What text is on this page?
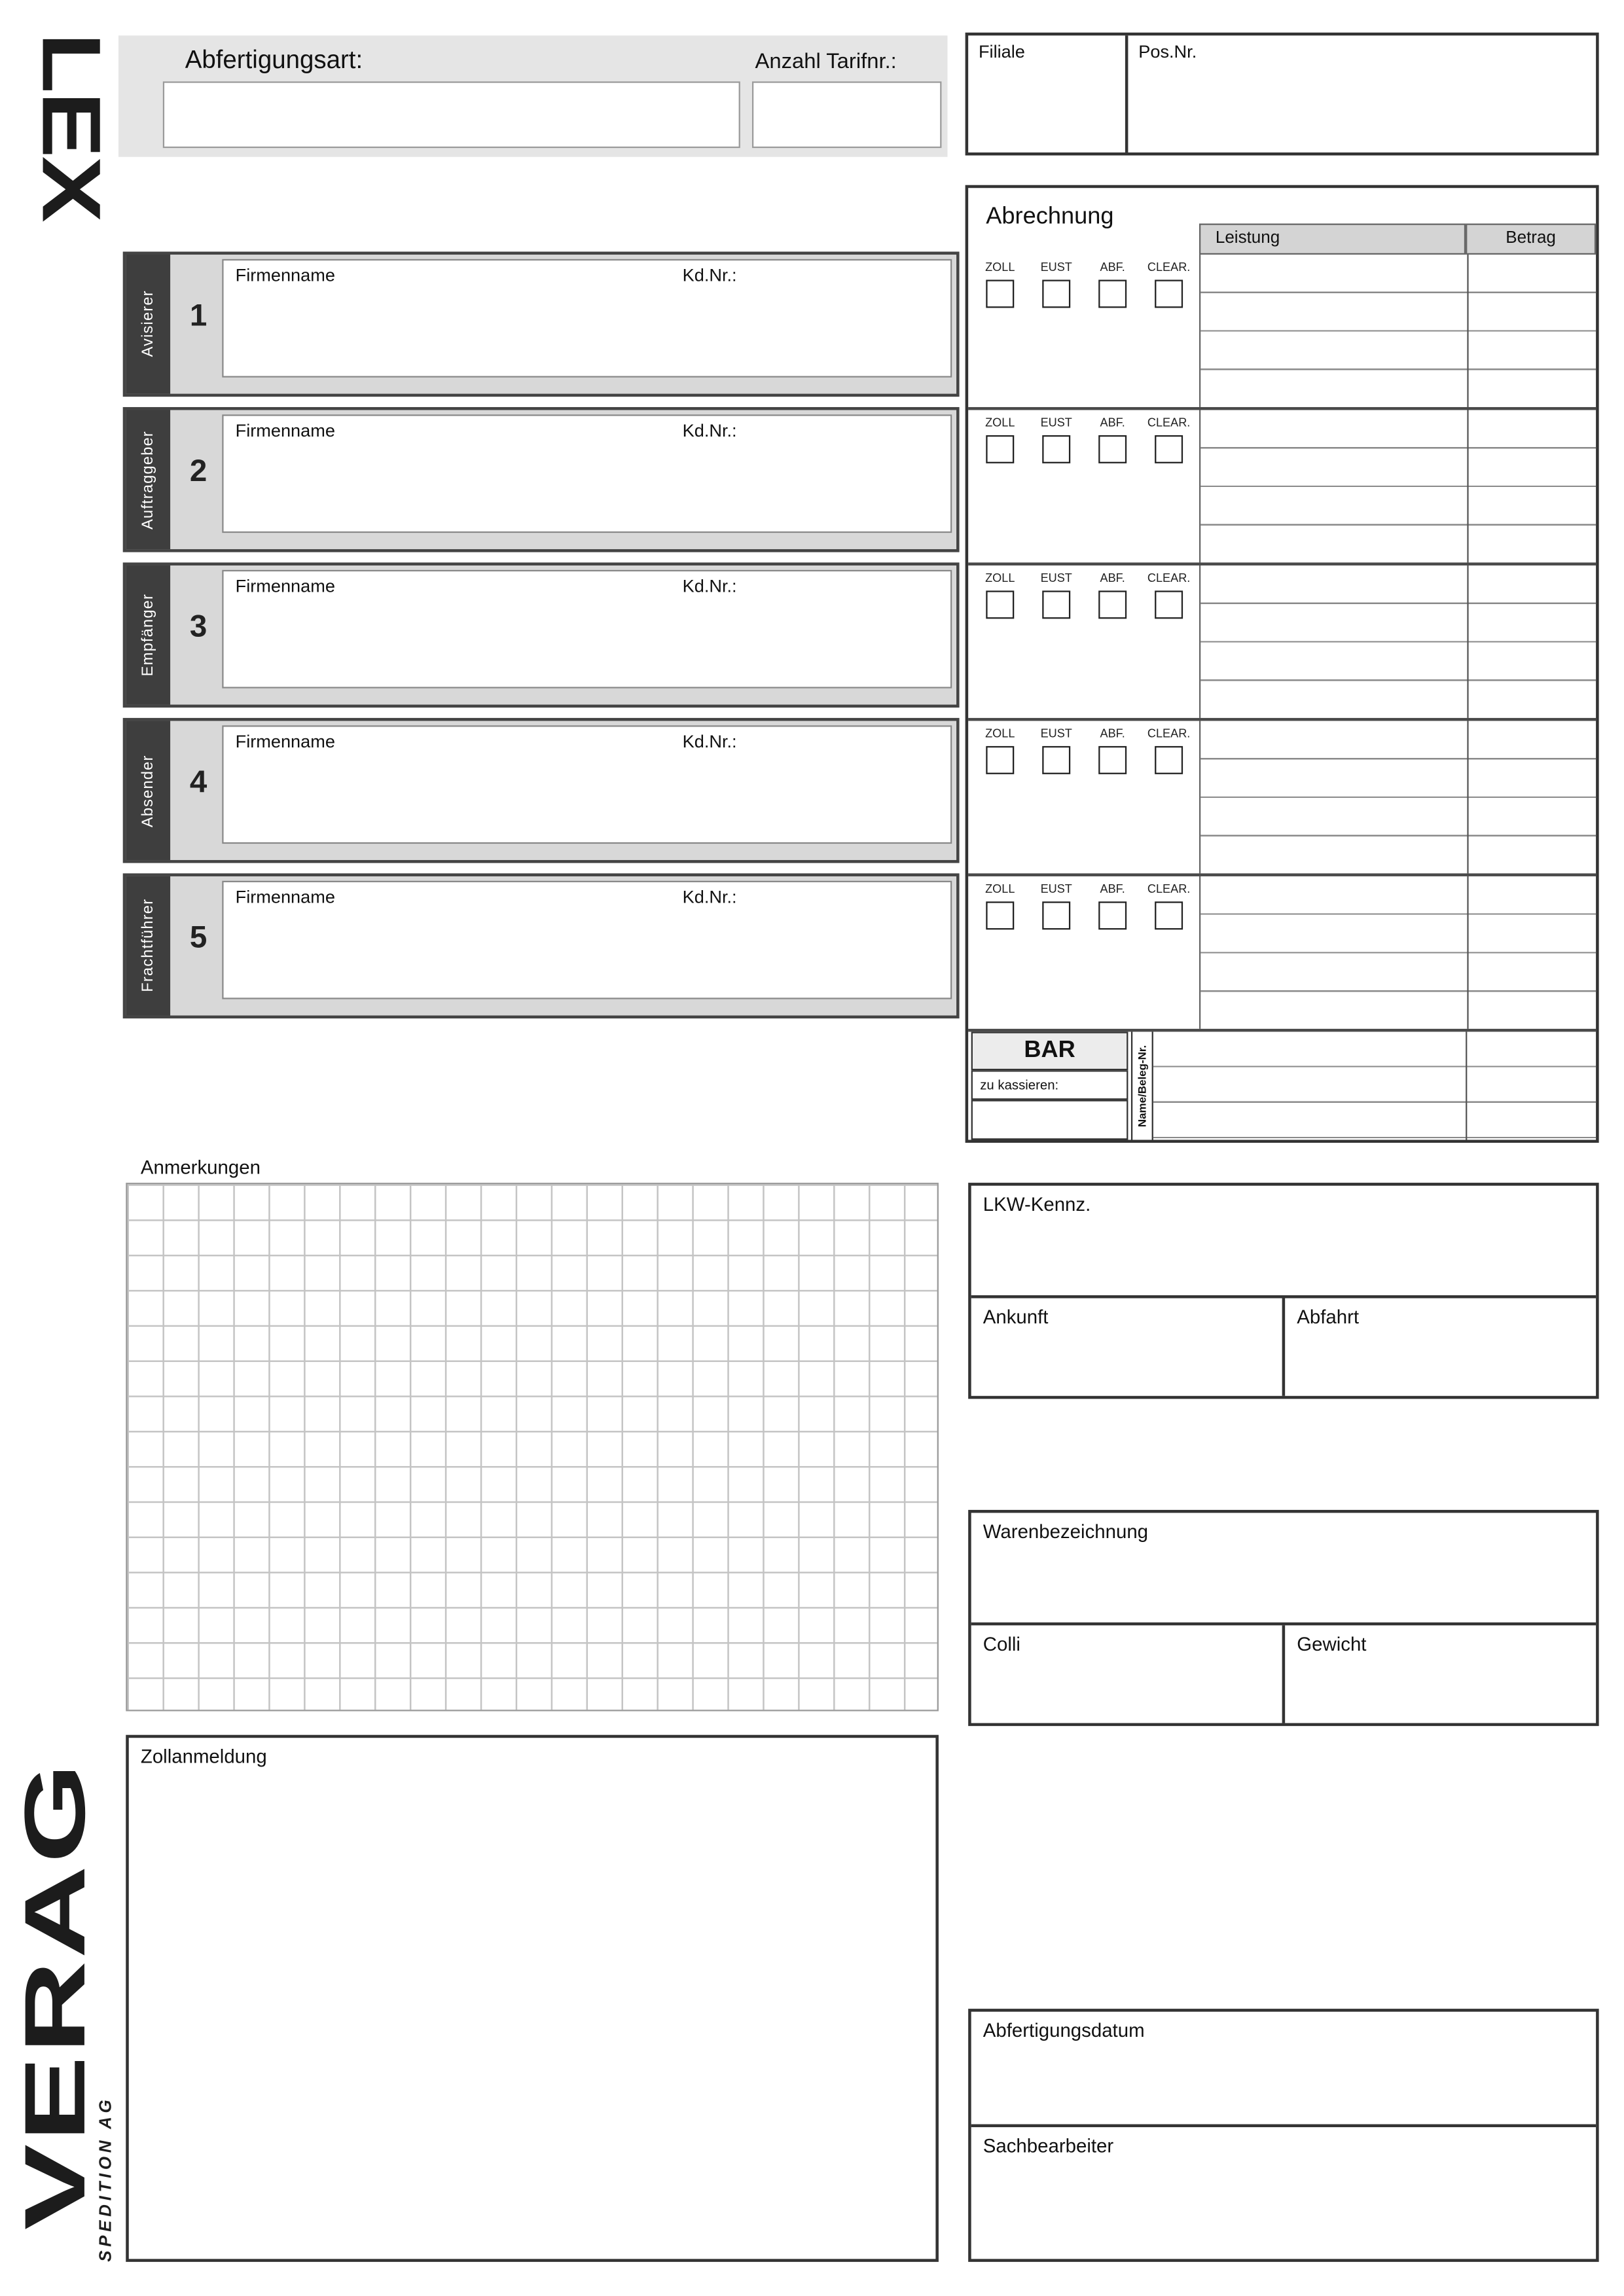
LEX
VERAG
SPEDITION AG
Abfertigungsart:	Anzahl Tarifnr.:	Filiale	Pos.Nr.
Abrechnung
Leistung	Betrag
ZOLL	EUST	ABF.	CLEAR.
ZOLL	EUST	ABF.	CLEAR.
ZOLL	EUST	ABF.	CLEAR.
ZOLL	EUST	ABF.	CLEAR.
ZOLL	EUST	ABF.	CLEAR.
BAR
zu kassieren:	Name/Beleg-Nr.
Avisierer	1
Firmenname	Kd.Nr.:
Auftraggeber	2
Firmenname	Kd.Nr.:
Empfänger	3
Firmenname	Kd.Nr.:
Absender	4
Firmenname	Kd.Nr.:
Frachtführer	5
Firmenname	Kd.Nr.:
Anmerkungen
LKW-Kennz.
Ankunft	Abfahrt
Warenbezeichnung
Colli	Gewicht
Zollanmeldung
Abfertigungsdatum
Sachbearbeiter
